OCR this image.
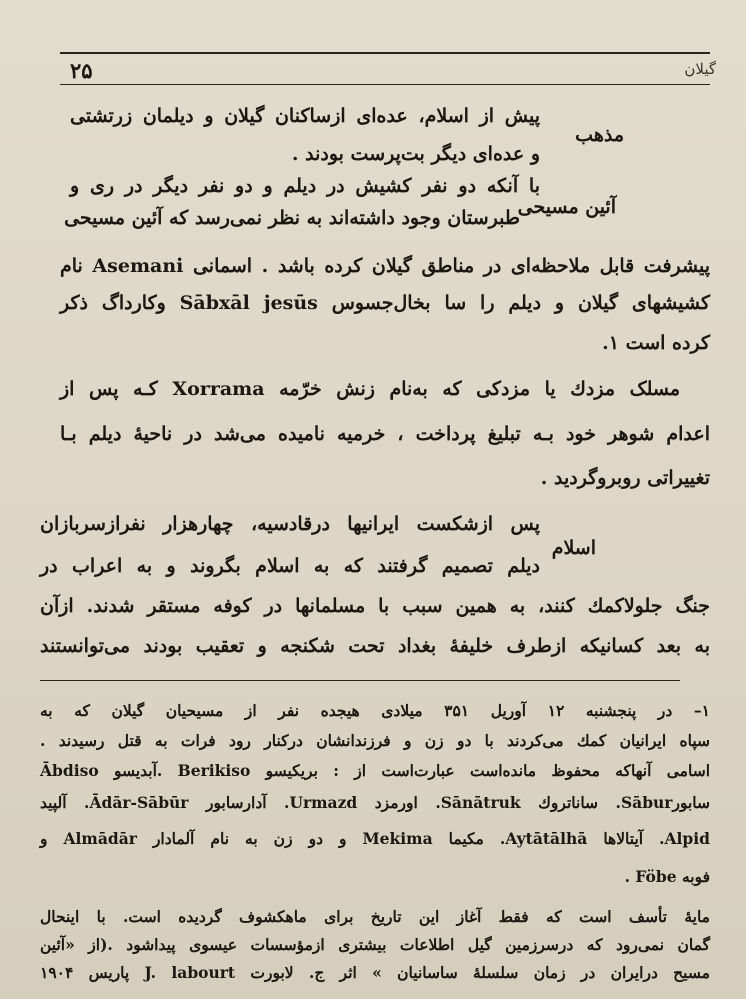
۲۵	گیلان
مذهب
آئین مسیحی
اسلام
پیش از اسلام، عده‌ای ازساکنان گیلان و دیلمان زرتشتی
و عده‌ای دیگر بت‌پرست بودند .
با آنکه دو نفر کشیش در دیلم و دو نفر دیگر در ری و
طبرستان وجود داشته‌اند به نظر نمی‌رسد که آئین مسیحی
پیشرفت قابل ملاحظه‌ای در مناطق گیلان کرده باشد . اسمانی Asemani نام
کشیشهای گیلان و دیلم را سا بخال‌جسوس Sābxāl jesūs وکارداگ ذکر
کرده است ۱.
مسلک مزدك یا مزدکی که به‌نام زنش خرّمه Xorrama کـه پس از
اعدام شوهر خود بـه تبلیغ پرداخت ، خرمیه نامیده می‌شد در ناحیهٔ دیلم بـا
تغییراتی روبروگردید .
پس ازشکست ایرانیها درقادسیه، چهارهزار نفرازسربازان
دیلم تصمیم گرفتند که به اسلام بگروند و به اعراب در
جنگ جلولاکمك کنند، به همین سبب با مسلمانها در کوفه مستقر شدند. ازآن
به بعد کسانیکه ازطرف خلیفهٔ بغداد تحت شکنجه و تعقیب بودند می‌توانستند
۱– در پنجشنبه ۱۲ آوریل ۳۵۱ میلادی هیجده نفر از مسیحیان گیلان که به
سپاه ایرانیان کمك می‌کردند با دو زن و فرزندانشان درکنار رود فرات به قتل رسیدند .
اسامی آنهاکه محفوظ مانده‌است عبارت‌است از : بریکیسو Berikiso .آبدیسو Ābdiso
سابورSābur. ساناتروك Sānātruk. اورمزد Urmazd. آدارسابور Ādār-Sābūr. آلپید
Alpid. آیتالاها Aytātālhā. مکیما Mekima و دو زن به نام آلمادار Almādār و
فوبه Föbe .
مایهٔ تأسف است که فقط آغاز این تاریخ برای ماهکشوف گردیده است. با اینحال
گمان نمی‌رود که درسرزمین گیل اطلاعات بیشتری ازمؤسسات عیسوی پیداشود .(از «آئین
مسیح درایران در زمان سلسلهٔ ساسانیان » اثر ج. لابورت J. labourt پاریس ۱۹۰۴
